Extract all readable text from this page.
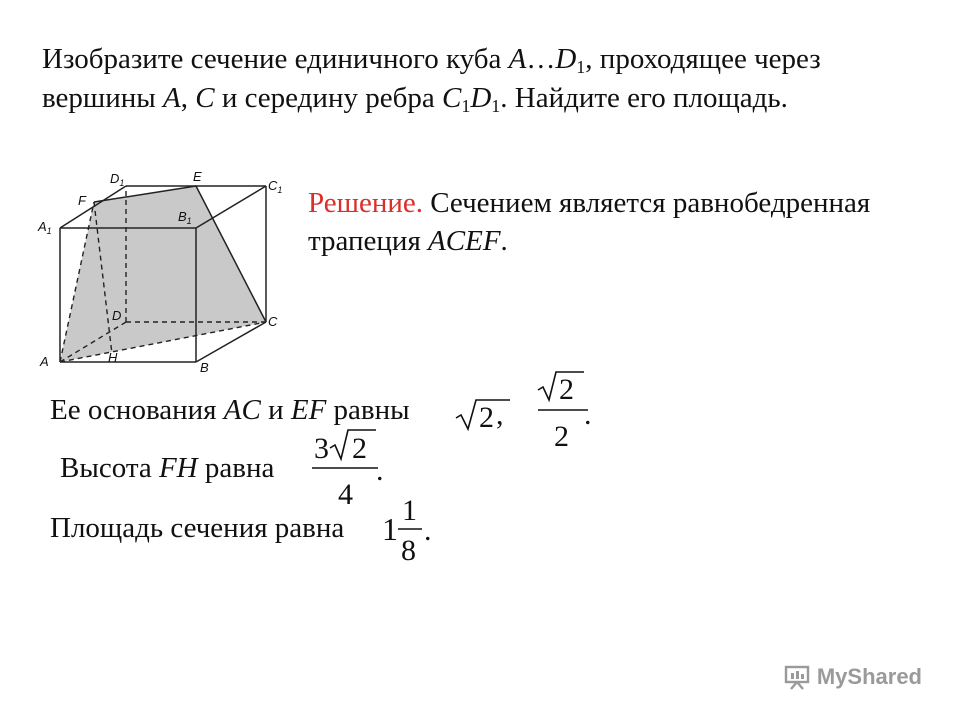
Изобразите сечение единичного куба $A\dots D_1$, проходящее через
вершины A, C и середину ребра $C_1D_1$. Найдите его площадь.
$D_1$	E
$C_1$
F
$B_1$
$A_1$
D	C
A	H
B
Решение. Сечением является равнобедренная трапеция ACEF.
Ее основания AC и EF равны 2 ,
2
2
.
Высота FH равна
3 2
4
.
Площадь сечения равна 1
1
8
.
MyShared
